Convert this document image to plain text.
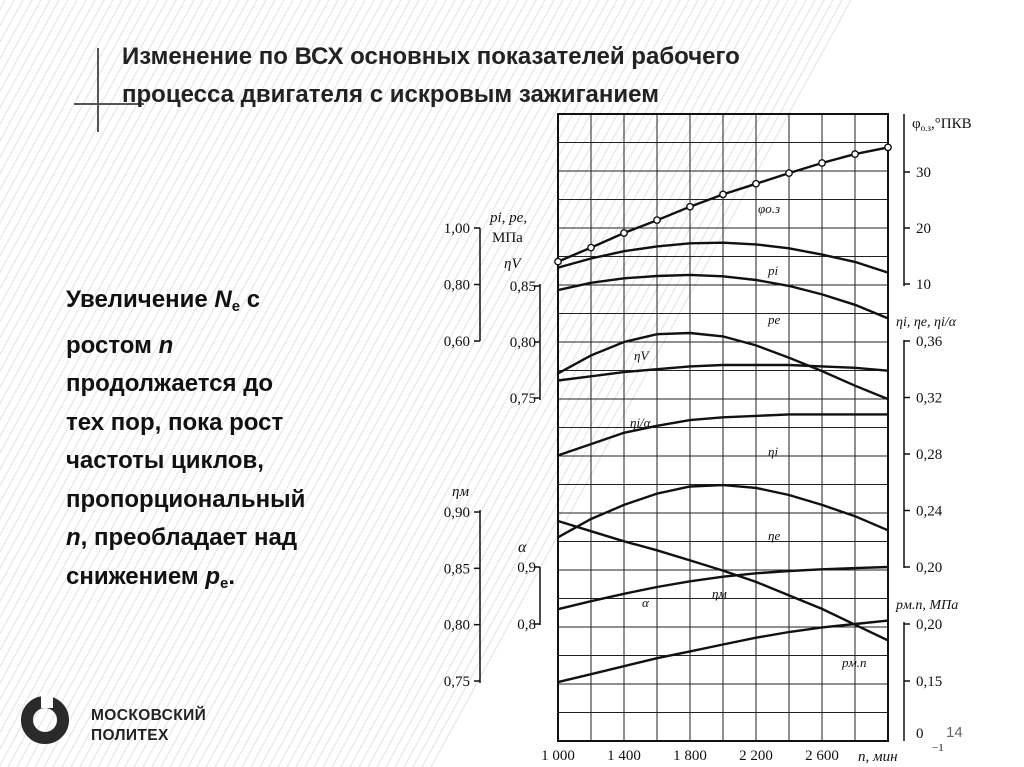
Изменение по ВСХ основных показателей рабочего
процесса двигателя с искровым зажиганием
Увеличение $N_e$ с
ростом n
продолжается до
тех пор, пока рост
частоты циклов,
пропорциональный
n, преобладает над
снижением $p_e$.
МОСКОВСКИЙ
ПОЛИТЕХ	14
1 000 1 400 1 800 2 200 2 600 n, мин
−1
30
20
10
0,36
0,32
0,28
0,24
0,20
0,20
0,15
0
$\varphi_{о.з},^\circ ПКВ$
ηi, ηe, ηi/α
pм.п, МПа
1,00
0,80
0,60
0,85
0,80
0,75
0,90
0,85
0,80
0,75
0,9
0,8
pi, pe,
МПа
ηV
ηм
α
φо.з
pi
pe
ηV
ηi/α
ηi
ηe
ηм
α
pм.п
